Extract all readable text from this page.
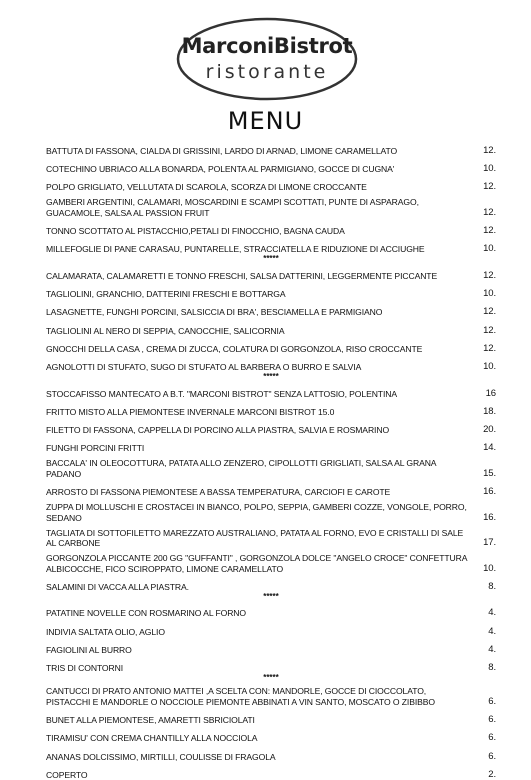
MarconiBistrot
ristorante
MENU
BATTUTA DI FASSONA, CIALDA DI GRISSINI, LARDO DI ARNAD, LIMONE CARAMELLATO	12.
COTECHINO UBRIACO ALLA BONARDA, POLENTA AL PARMIGIANO, GOCCE DI CUGNA'	10.
POLPO GRIGLIATO, VELLUTATA DI SCAROLA, SCORZA DI LIMONE CROCCANTE	12.
GAMBERI ARGENTINI, CALAMARI, MOSCARDINI E SCAMPI SCOTTATI, PUNTE DI ASPARAGO, GUACAMOLE, SALSA AL PASSION FRUIT	12.
TONNO SCOTTATO AL PISTACCHIO,PETALI DI FINOCCHIO, BAGNA CAUDA	12.
MILLEFOGLIE DI PANE CARASAU, PUNTARELLE, STRACCIATELLA E RIDUZIONE DI ACCIUGHE	10.
*****
CALAMARATA, CALAMARETTI E TONNO FRESCHI, SALSA DATTERINI, LEGGERMENTE PICCANTE	12.
TAGLIOLINI, GRANCHIO, DATTERINI FRESCHI E BOTTARGA	10.
LASAGNETTE, FUNGHI PORCINI, SALSICCIA DI BRA', BESCIAMELLA E PARMIGIANO	12.
TAGLIOLINI AL NERO DI SEPPIA, CANOCCHIE, SALICORNIA	12.
GNOCCHI DELLA CASA , CREMA DI ZUCCA, COLATURA DI GORGONZOLA, RISO CROCCANTE	12.
AGNOLOTTI DI STUFATO, SUGO DI STUFATO AL BARBERA O BURRO E SALVIA	10.
*****
STOCCAFISSO MANTECATO A B.T. "MARCONI BISTROT" SENZA LATTOSIO, POLENTINA	16
FRITTO MISTO ALLA PIEMONTESE INVERNALE MARCONI BISTROT 15.0	18.
FILETTO DI FASSONA, CAPPELLA DI PORCINO ALLA PIASTRA, SALVIA E ROSMARINO	20.
FUNGHI PORCINI FRITTI	14.
BACCALA' IN OLEOCOTTURA, PATATA ALLO ZENZERO, CIPOLLOTTI GRIGLIATI, SALSA AL GRANA PADANO	15.
ARROSTO DI FASSONA PIEMONTESE A BASSA TEMPERATURA, CARCIOFI E CAROTE	16.
ZUPPA DI MOLLUSCHI E CROSTACEI IN BIANCO, POLPO, SEPPIA, GAMBERI COZZE, VONGOLE, PORRO, SEDANO	16.
TAGLIATA DI SOTTOFILETTO MAREZZATO AUSTRALIANO, PATATA AL FORNO, EVO E CRISTALLI DI SALE AL CARBONE	17.
GORGONZOLA PICCANTE 200 GG "GUFFANTI" , GORGONZOLA DOLCE "ANGELO CROCE" CONFETTURA ALBICOCCHE, FICO SCIROPPATO, LIMONE CARAMELLATO	10.
SALAMINI DI VACCA ALLA PIASTRA.	8.
*****
PATATINE NOVELLE CON ROSMARINO AL FORNO	4.
INDIVIA SALTATA OLIO, AGLIO	4.
FAGIOLINI AL BURRO	4.
TRIS DI CONTORNI	8.
*****
CANTUCCI DI PRATO ANTONIO MATTEI ,A SCELTA CON: MANDORLE, GOCCE DI CIOCCOLATO, PISTACCHI E MANDORLE O NOCCIOLE PIEMONTE ABBINATI A VIN SANTO, MOSCATO O ZIBIBBO	6.
BUNET ALLA PIEMONTESE, AMARETTI SBRICIOLATI	6.
TIRAMISU' CON CREMA CHANTILLY ALLA NOCCIOLA	6.
ANANAS DOLCISSIMO, MIRTILLI, COULISSE DI FRAGOLA	6.
COPERTO	2.
